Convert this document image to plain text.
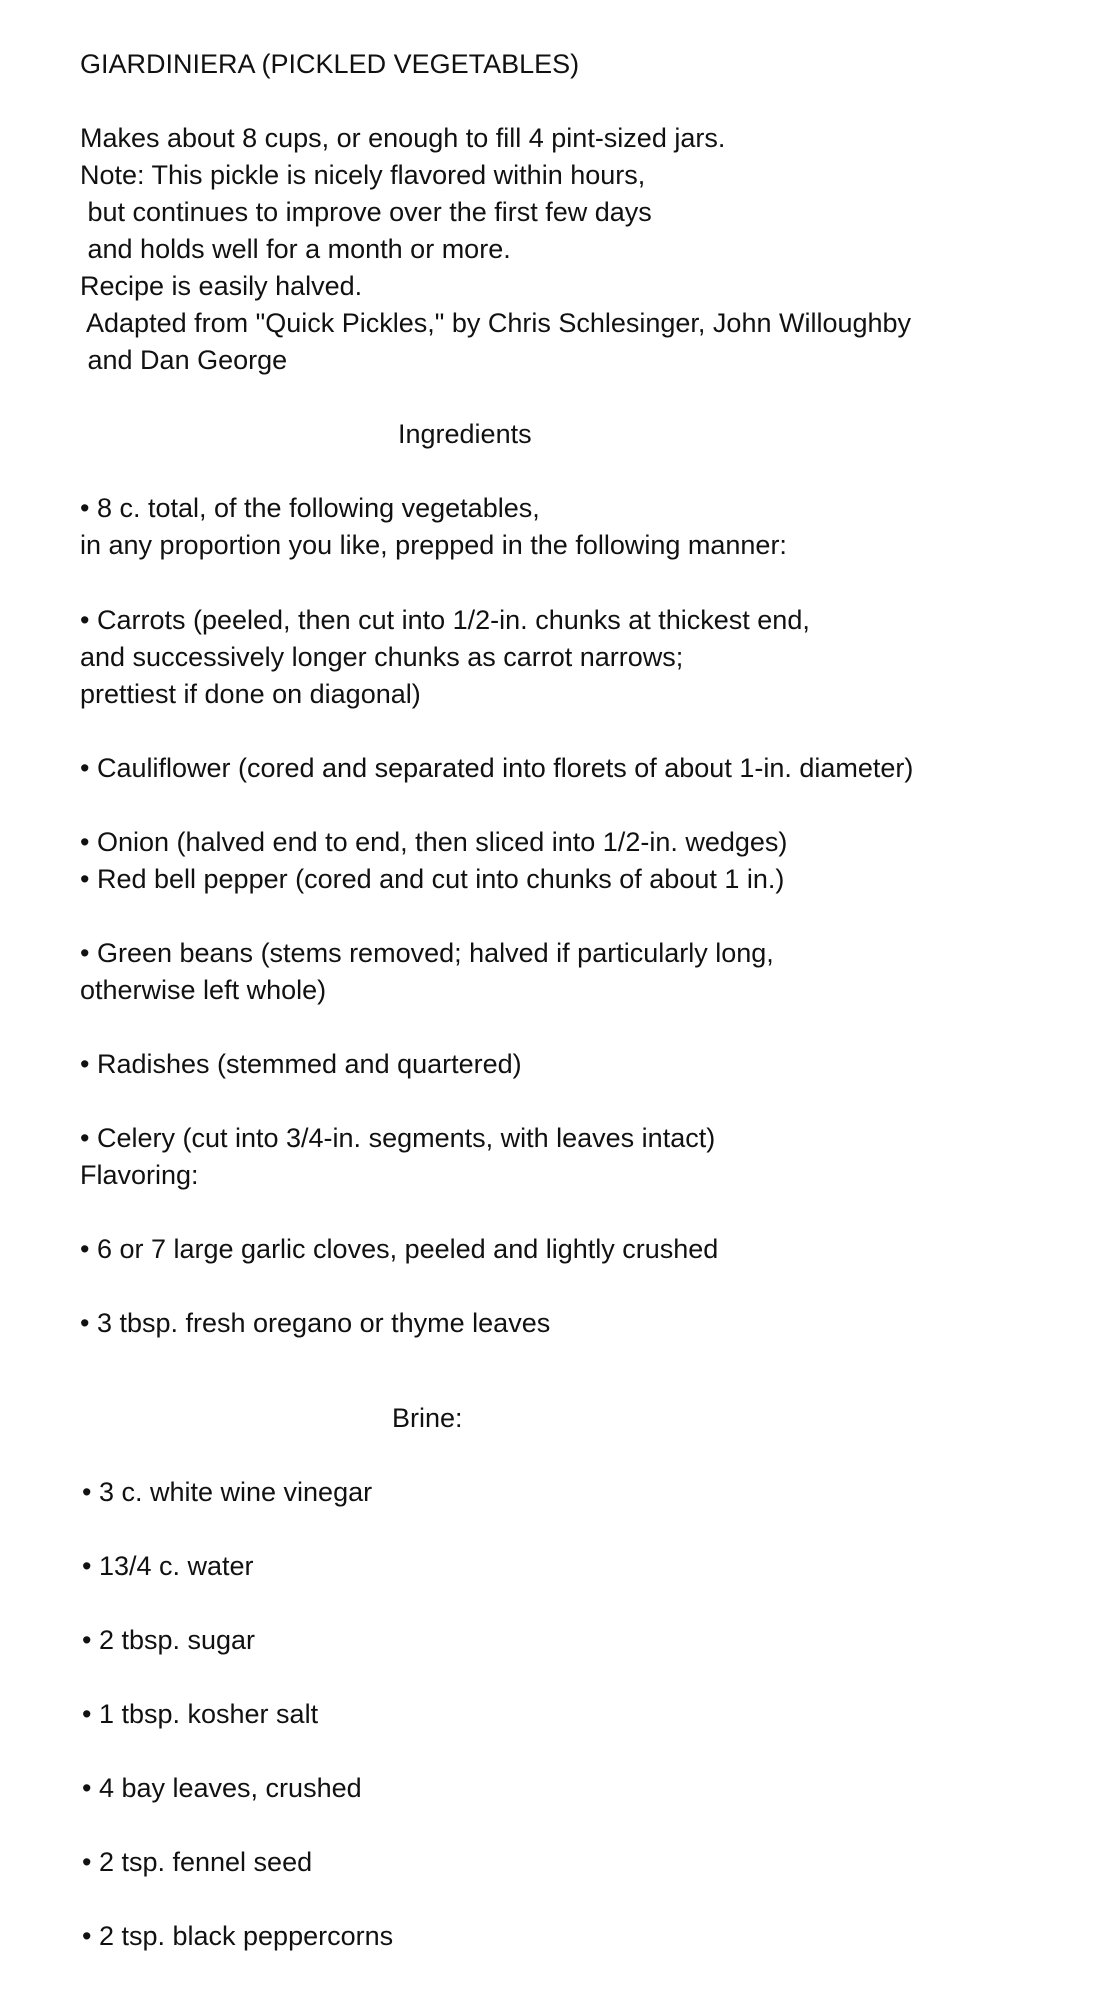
GIARDINIERA (PICKLED VEGETABLES)

Makes about 8 cups, or enough to fill 4 pint-sized jars.

Note: This pickle is nicely flavored within hours,

but continues to improve over the first few days

and holds well for a month or more.

Recipe is easily halved.

Adapted from "Quick Pickles," by Chris Schlesinger, John Willoughby

and Dan George

Ingredients

• 8 c. total, of the following vegetables,

in any proportion you like, prepped in the following manner:

• Carrots (peeled, then cut into 1/2-in. chunks at thickest end,

and successively longer chunks as carrot narrows;

prettiest if done on diagonal)

• Cauliflower (cored and separated into florets of about 1-in. diameter)

• Onion (halved end to end, then sliced into 1/2-in. wedges)

• Red bell pepper (cored and cut into chunks of about 1 in.)

• Green beans (stems removed; halved if particularly long,

otherwise left whole)

• Radishes (stemmed and quartered)

• Celery (cut into 3/4-in. segments, with leaves intact)

Flavoring:

• 6 or 7 large garlic cloves, peeled and lightly crushed

• 3 tbsp. fresh oregano or thyme leaves

Brine:

• 3 c. white wine vinegar

• 13/4 c. water

• 2 tbsp. sugar

• 1 tbsp. kosher salt

• 4 bay leaves, crushed

• 2 tsp. fennel seed

• 2 tsp. black peppercorns
